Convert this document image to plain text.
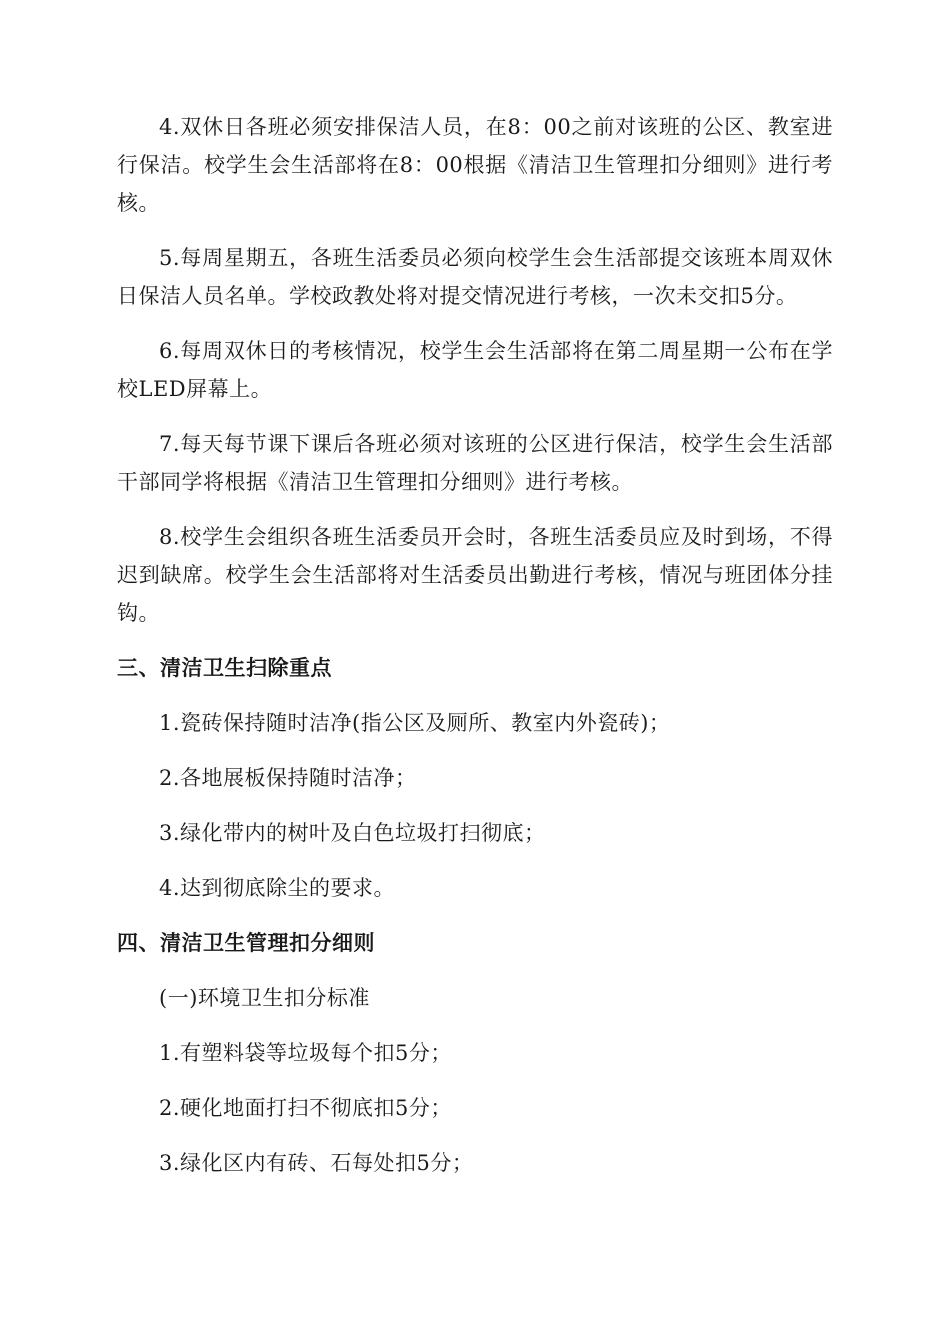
4.双休日各班必须安排保洁人员，在8：00之前对该班的公区、教室进行保洁。校学生会生活部将在8：00根据《清洁卫生管理扣分细则》进行考核。

5.每周星期五，各班生活委员必须向校学生会生活部提交该班本周双休日保洁人员名单。学校政教处将对提交情况进行考核，一次未交扣5分。

6.每周双休日的考核情况，校学生会生活部将在第二周星期一公布在学校LED屏幕上。

7.每天每节课下课后各班必须对该班的公区进行保洁，校学生会生活部干部同学将根据《清洁卫生管理扣分细则》进行考核。

8.校学生会组织各班生活委员开会时，各班生活委员应及时到场，不得迟到缺席。校学生会生活部将对生活委员出勤进行考核，情况与班团体分挂钩。

三、清洁卫生扫除重点

1.瓷砖保持随时洁净(指公区及厕所、教室内外瓷砖)；

2.各地展板保持随时洁净；

3.绿化带内的树叶及白色垃圾打扫彻底；

4.达到彻底除尘的要求。

四、清洁卫生管理扣分细则

(一)环境卫生扣分标准

1.有塑料袋等垃圾每个扣5分；

2.硬化地面打扫不彻底扣5分；

3.绿化区内有砖、石每处扣5分；
